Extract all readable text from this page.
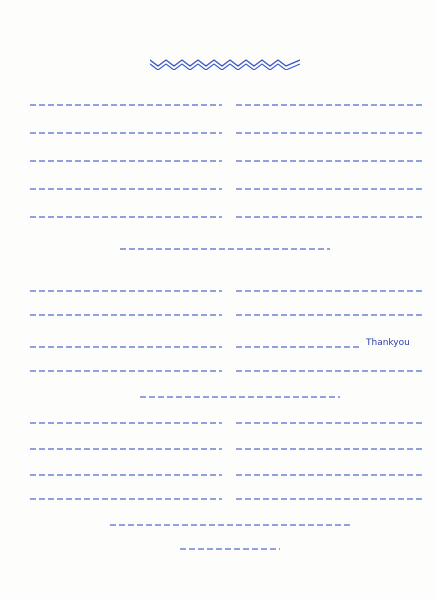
Thankyou
